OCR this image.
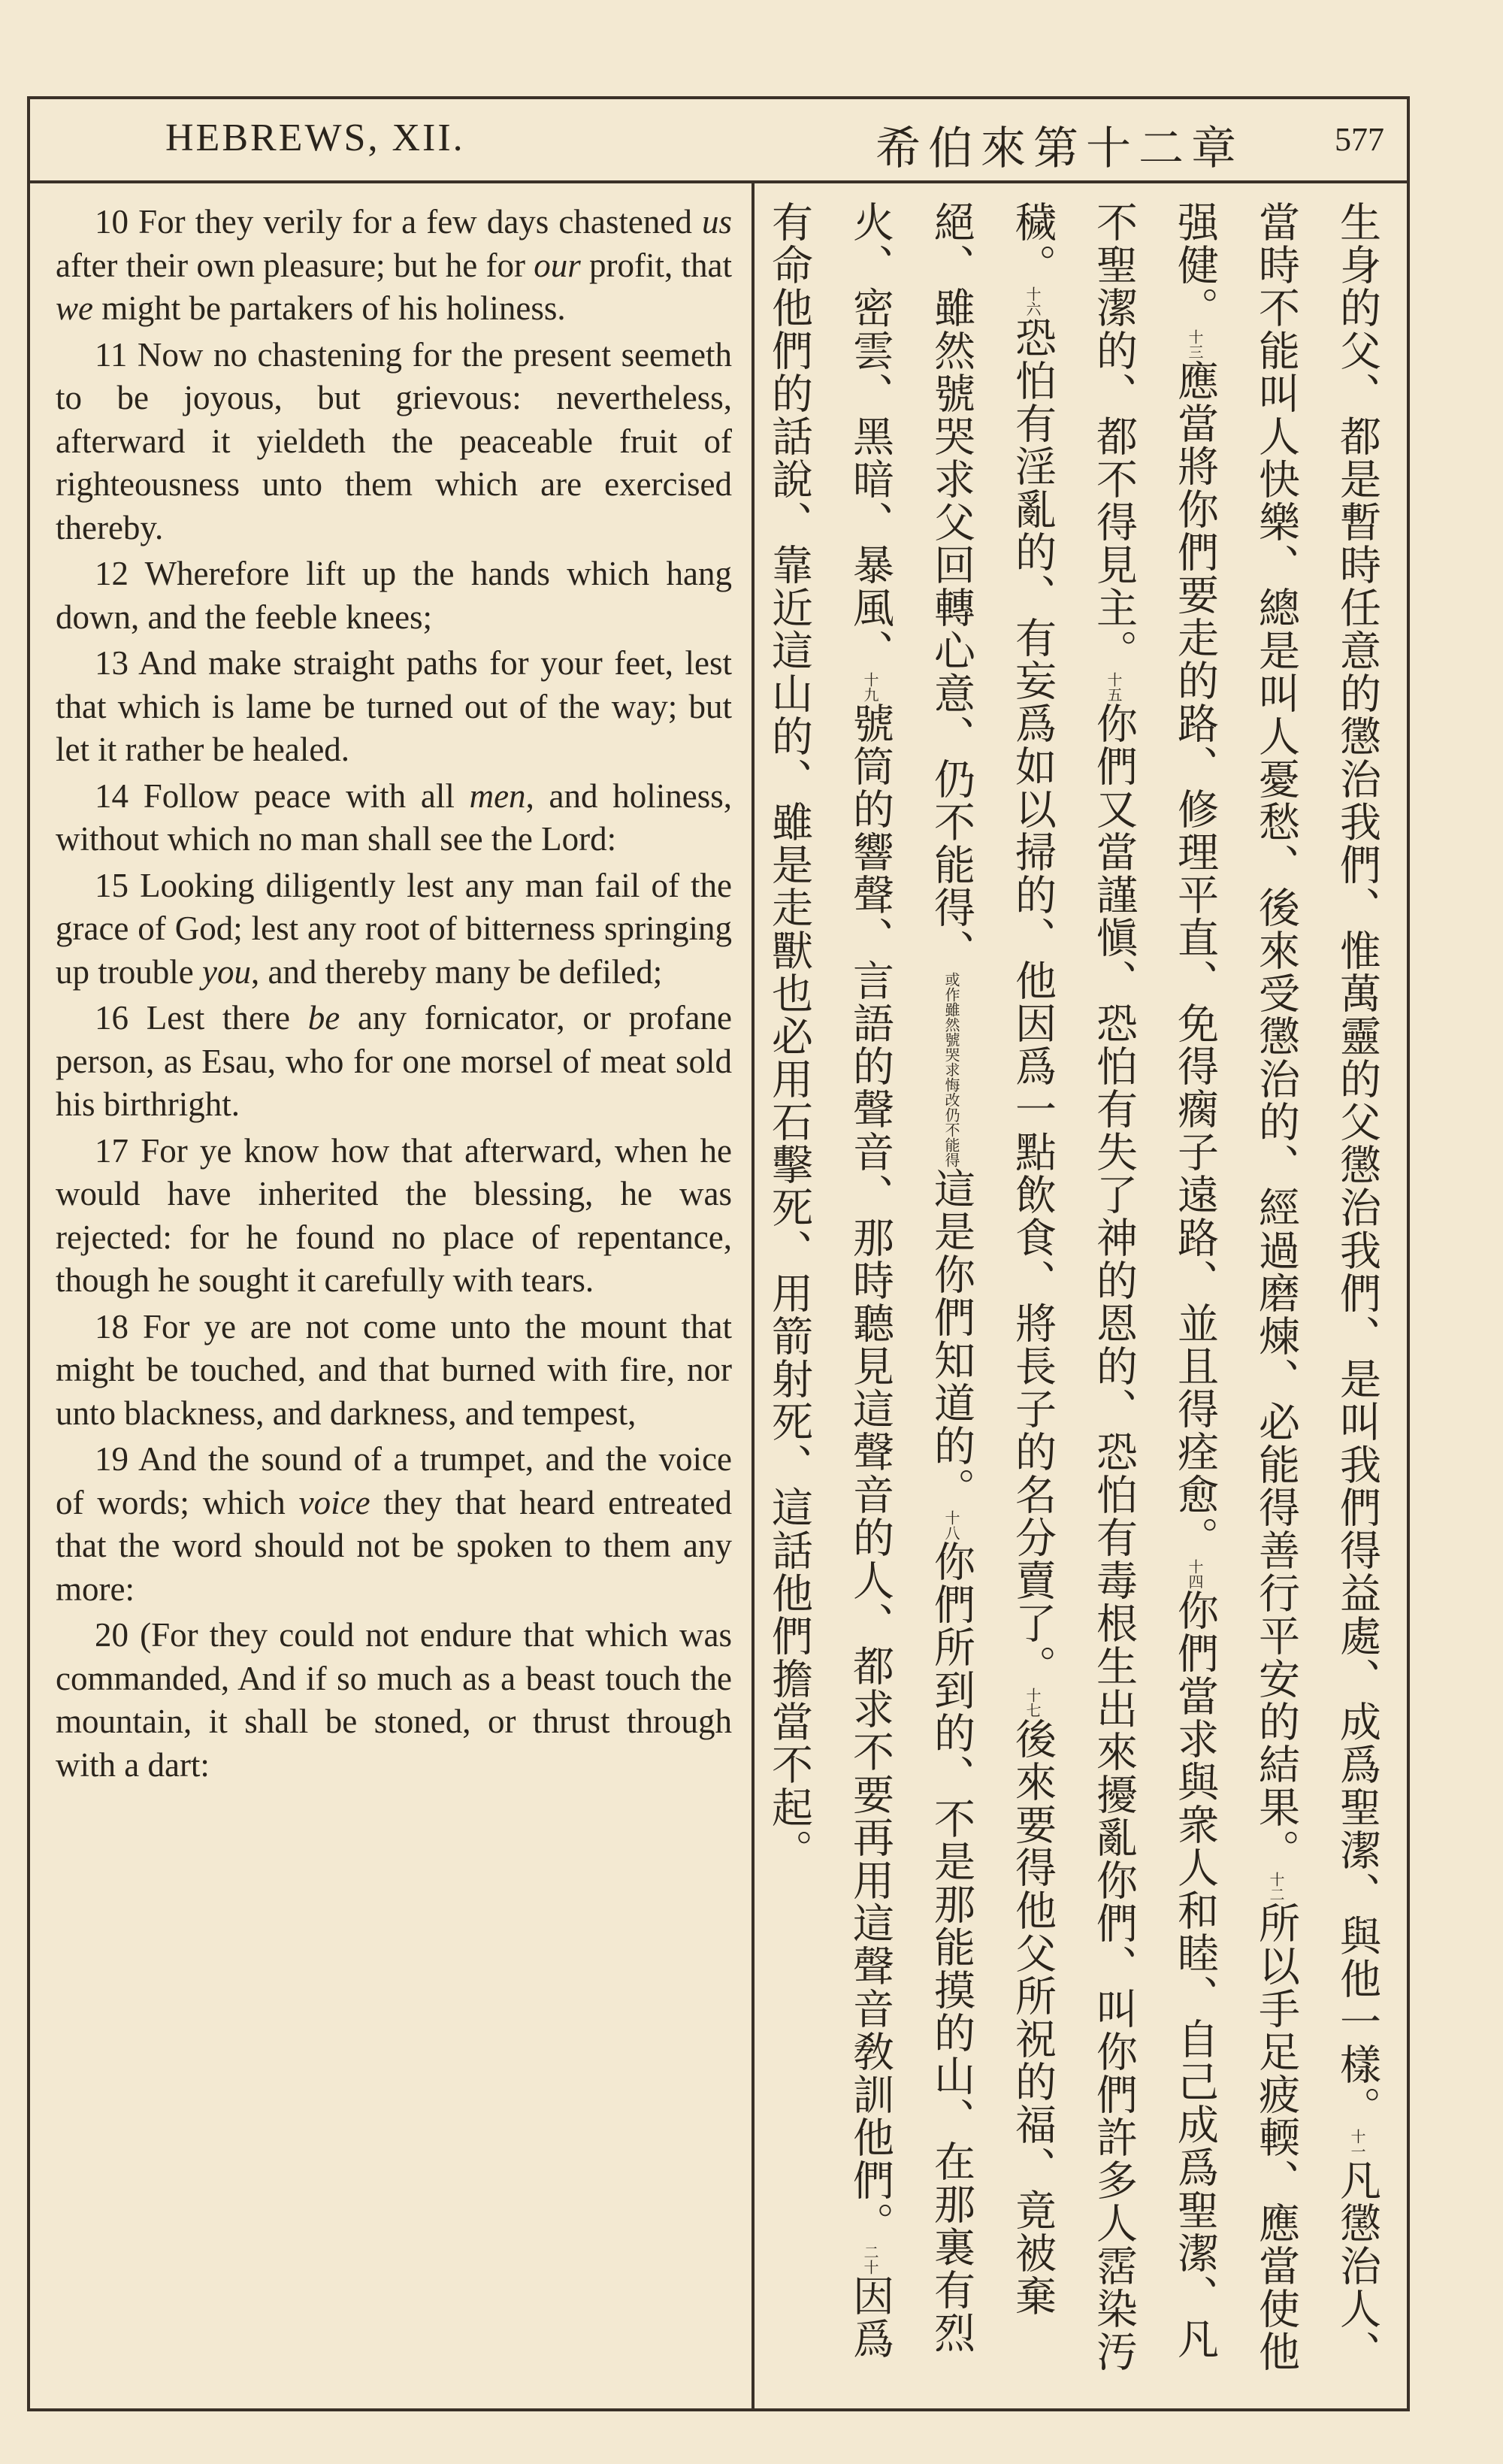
HEBREWS, XII.	希伯來第十二章	577

10 For they verily for a few days chastened us after their own pleasure; but he for our profit, that we might be partakers of his holiness.

11 Now no chastening for the present seemeth to be joyous, but grievous: nevertheless, afterward it yieldeth the peaceable fruit of righteousness unto them which are exercised thereby.

12 Wherefore lift up the hands which hang down, and the feeble knees;

13 And make straight paths for your feet, lest that which is lame be turned out of the way; but let it rather be healed.

14 Follow peace with all men, and holiness, without which no man shall see the Lord:

15 Looking diligently lest any man fail of the grace of God; lest any root of bitterness springing up trouble you, and thereby many be defiled;

16 Lest there be any fornicator, or profane person, as Esau, who for one morsel of meat sold his birthright.

17 For ye know how that afterward, when he would have inherited the blessing, he was rejected: for he found no place of repentance, though he sought it carefully with tears.

18 For ye are not come unto the mount that might be touched, and that burned with fire, nor unto blackness, and darkness, and tempest,

19 And the sound of a trumpet, and the voice of words; which voice they that heard entreated that the word should not be spoken to them any more:

20 (For they could not endure that which was commanded, And if so much as a beast touch the mountain, it shall be stoned, or thrust through with a dart:	生身的父、都是暫時任意的懲治我們、惟萬靈的父懲治我們、是叫我們得益處、成爲聖潔、與他一樣。十一凡懲治人、當時不能叫人快樂、總是叫人憂愁、後來受懲治的、經過磨煉、必能得善行平安的結果。十二所以手足疲輭、應當使他强健。十三應當將你們要走的路、修理平直、免得瘸子遠路、並且得痊愈。十四你們當求與衆人和睦、自己成爲聖潔、凡不聖潔的、都不得見主。十五你們又當謹愼、恐怕有失了神的恩的、恐怕有毒根生出來擾亂你們、叫你們許多人霑染汚穢。十六恐怕有淫亂的、有妄爲如以掃的、他因爲一點飲食、將長子的名分賣了。十七後來要得他父所祝的福、竟被棄絕、雖然號哭求父回轉心意、仍不能得、或作雖然號哭求悔改仍不能得這是你們知道的。十八你們所到的、不是那能摸的山、在那裏有烈火、密雲、黑暗、暴風、十九號筒的響聲、言語的聲音、那時聽見這聲音的人、都求不要再用這聲音敎訓他們。二十因爲有命他們的話說、靠近這山的、雖是走獸也必用石擊死、用箭射死、這話他們擔當不起。
